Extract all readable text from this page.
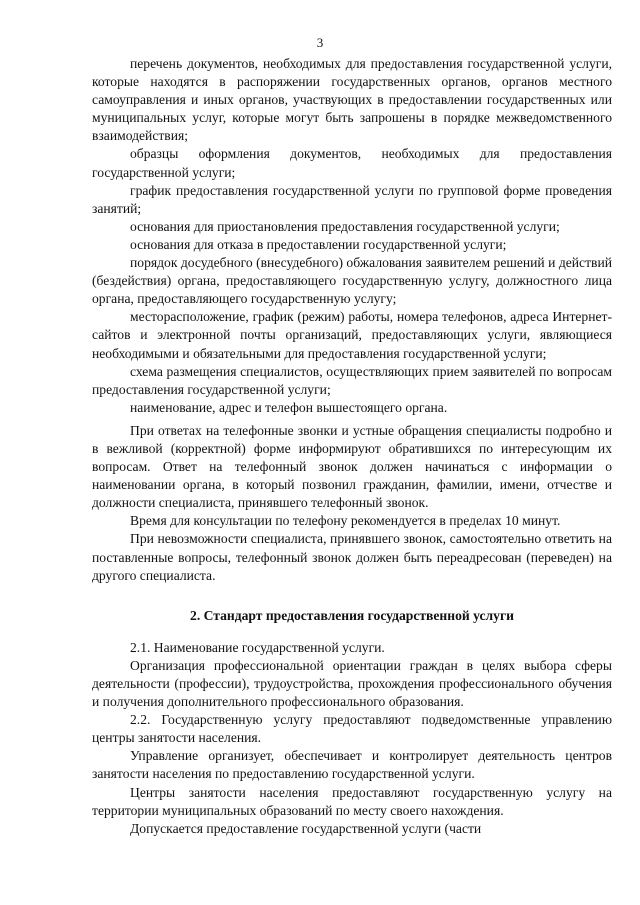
3

перечень документов, необходимых для предоставления государственной услуги, которые находятся в распоряжении государственных органов, органов местного самоуправления и иных органов, участвующих в предоставлении государственных или муниципальных услуг, которые могут быть запрошены в порядке межведомственного взаимодействия;

образцы оформления документов, необходимых для предоставления государственной услуги;

график предоставления государственной услуги по групповой форме проведения занятий;

основания для приостановления предоставления государственной услуги;

основания для отказа в предоставлении государственной услуги;

порядок досудебного (внесудебного) обжалования заявителем решений и действий (бездействия) органа, предоставляющего государственную услугу, должностного лица органа, предоставляющего государственную услугу;

месторасположение, график (режим) работы, номера телефонов, адреса Интернет-сайтов и электронной почты организаций, предоставляющих услуги, являющиеся необходимыми и обязательными для предоставления государственной услуги;

схема размещения специалистов, осуществляющих прием заявителей по вопросам предоставления государственной услуги;

наименование, адрес и телефон вышестоящего органа.

При ответах на телефонные звонки и устные обращения специалисты подробно и в вежливой (корректной) форме информируют обратившихся по интересующим их вопросам. Ответ на телефонный звонок должен начинаться с информации о наименовании органа, в который позвонил гражданин, фамилии, имени, отчестве и должности специалиста, принявшего телефонный звонок.

Время для консультации по телефону рекомендуется в пределах 10 минут.

При невозможности специалиста, принявшего звонок, самостоятельно ответить на поставленные вопросы, телефонный звонок должен быть переадресован (переведен) на другого специалиста.

2. Стандарт предоставления государственной услуги

2.1. Наименование государственной услуги.

Организация профессиональной ориентации граждан в целях выбора сферы деятельности (профессии), трудоустройства, прохождения профессионального обучения и получения дополнительного профессионального образования.

2.2. Государственную услугу предоставляют подведомственные управлению центры занятости населения.

Управление организует, обеспечивает и контролирует деятельность центров занятости населения по предоставлению государственной услуги.

Центры занятости населения предоставляют государственную услугу на территории муниципальных образований по месту своего нахождения.

Допускается предоставление государственной услуги (части
